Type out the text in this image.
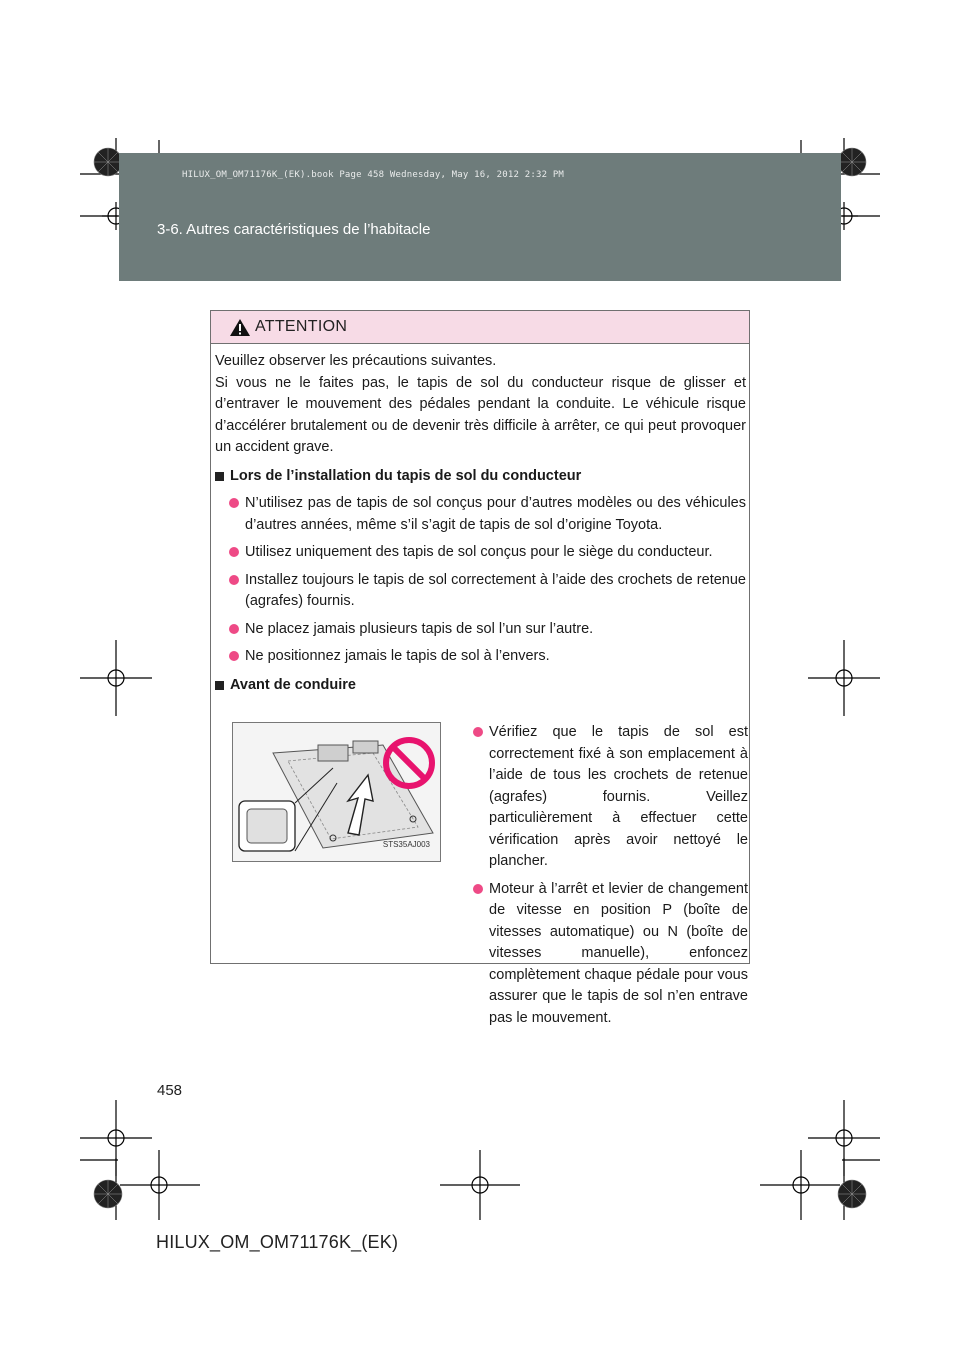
HILUX_OM_OM71176K_(EK).book Page 458 Wednesday, May 16, 2012 2:32 PM
3-6. Autres caractéristiques de l’habitacle
ATTENTION
Veuillez observer les précautions suivantes.
Si vous ne le faites pas, le tapis de sol du conducteur risque de glisser et d’entraver le mouvement des pédales pendant la conduite. Le véhicule risque d’accélérer brutalement ou de devenir très difficile à arrêter, ce qui peut provoquer un accident grave.
Lors de l’installation du tapis de sol du conducteur
N’utilisez pas de tapis de sol conçus pour d’autres modèles ou des véhicules d’autres années, même s’il s’agit de tapis de sol d’origine Toyota.
Utilisez uniquement des tapis de sol conçus pour le siège du conducteur.
Installez toujours le tapis de sol correctement à l’aide des crochets de retenue (agrafes) fournis.
Ne placez jamais plusieurs tapis de sol l’un sur l’autre.
Ne positionnez jamais le tapis de sol à l’envers.
Avant de conduire
STS35AJ003
Vérifiez que le tapis de sol est correctement fixé à son emplacement à l’aide de tous les crochets de retenue (agrafes) fournis. Veillez particulièrement à effectuer cette vérification après avoir nettoyé le plancher.
Moteur à l’arrêt et levier de changement de vitesse en position P (boîte de vitesses automatique) ou N (boîte de vitesses manuelle), enfoncez complètement chaque pédale pour vous assurer que le tapis de sol n’en entrave pas le mouvement.
458
HILUX_OM_OM71176K_(EK)
